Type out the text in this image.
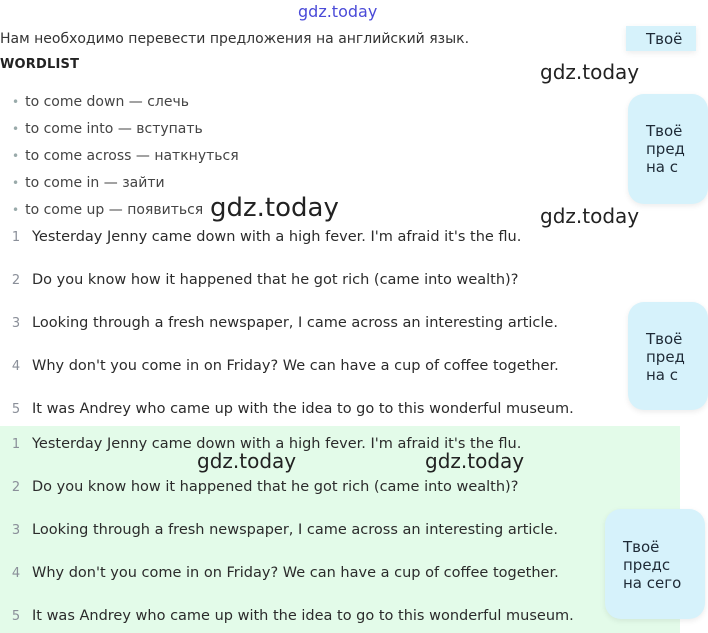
gdz.today
Нам необходимо перевести предложения на английский язык.
WORDLIST	gdz.today
• to come down — слечь
• to come into — вступать
• to come across — наткнуться
• to come in — зайти
• to come up — появиться gdz.today	gdz.today
1 Yesterday Jenny came down with a high fever. I'm afraid it's the flu.
2 Do you know how it happened that he got rich (came into wealth)?
3 Looking through a fresh newspaper, I came across an interesting article.
4 Why don't you come in on Friday? We can have a cup of coffee together.
5 It was Andrey who came up with the idea to go to this wonderful museum.
1 Yesterday Jenny came down with a high fever. I'm afraid it's the flu.
2 Do you know how it happened that he got rich (came into wealth)?
3 Looking through a fresh newspaper, I came across an interesting article.
4 Why don't you come in on Friday? We can have a cup of coffee together.
5 It was Andrey who came up with the idea to go to this wonderful museum.
gdz.today	gdz.today
Твоё
Твоё
пред
на с
Твоё
пред
на с
Твоё
предс
на сего
